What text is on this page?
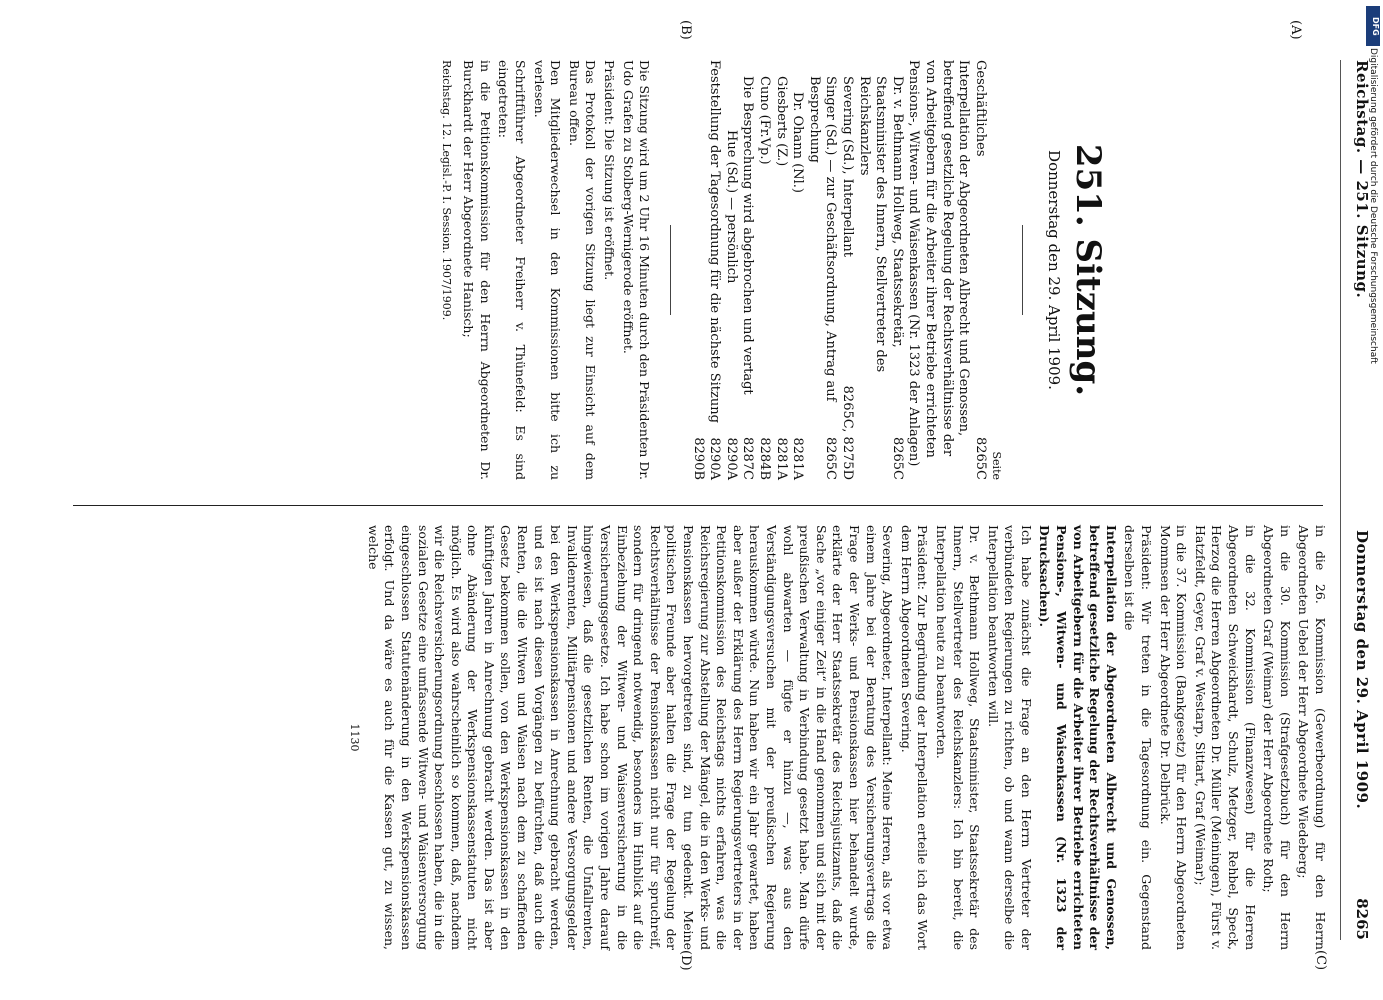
Reichstag. — 251. Sitzung.
Donnerstag den 29. April 1909.
8265
(A)
(B)
(C)
(D)
251. Sitzung.
Donnerstag den 29. April 1909.
Seite
Geschäftliches
8265C
Interpellation der Abgeordneten Albrecht und Genossen, betreffend gesetzliche Regelung der Rechtsverhältnisse der von Arbeitgebern für die Arbeiter ihrer Betriebe errichteten Pensions-, Witwen- und Waisenkassen (Nr. 1323 der Anlagen)
Dr. v. Bethmann Hollweg, Staatssekretär, Staatsminister des Innern, Stellvertreter des Reichskanzlers
8265C
Severing (Sd.), Interpellant
8265C, 8275D
Singer (Sd.) — zur Geschäftsordnung, Antrag auf Besprechung
8265C
Dr. Ohann (Nl.)
8281A
Giesberts (Z.)
8281A
Cuno (Fr.Vp.)
8284B
Die Besprechung wird abgebrochen und vertagt
8287C
Hue (Sd.) — persönlich
8290A
Feststellung der Tagesordnung für die nächste Sitzung
8290A
8290B

Die Sitzung wird um 2 Uhr 16 Minuten durch den Präsidenten Dr. Udo Grafen zu Stolberg-Wernigerode eröffnet.

Präsident: Die Sitzung ist eröffnet.

Das Protokoll der vorigen Sitzung liegt zur Einsicht auf dem Bureau offen.

Den Mitgliederwechsel in den Kommissionen bitte ich zu verlesen.

Schriftführer Abgeordneter Freiherr v. Thünefeld: Es sind eingetreten:

in die Petitionskommission für den Herrn Abgeordneten Dr. Burckhardt der Herr Abgeordnete Hanisch;

Reichstag. 12. Legisl.-P. I. Session. 1907/1909.

in die 26. Kommission (Gewerbeordnung) für den Herrn Abgeordneten Uebel der Herr Abgeordnete Wiedeberg;

in die 30. Kommission (Strafgesetzbuch) für den Herrn Abgeordneten Graf (Weimar) der Herr Abgeordnete Roth;

in die 32. Kommission (Finanzwesen) für die Herren Abgeordneten Schweickhardt, Schulz, Metzger, Rehbel, Speck, Herzog die Herren Abgeordneten Dr. Müller (Meiningen), Fürst v. Hatzfeldt, Geyer, Graf v. Westarp, Sittart, Graf (Weimar);

in die 37. Kommission (Bankgesetz) für den Herrn Abgeordneten Mommsen der Herr Abgeordnete Dr. Delbrück.

Präsident: Wir treten in die Tagesordnung ein. Gegenstand derselben ist die

Interpellation der Abgeordneten Albrecht und Genossen, betreffend gesetzliche Regelung der Rechtsverhältnisse der von Arbeitgebern für die Arbeiter ihrer Betriebe errichteten Pensions-, Witwen- und Waisenkassen (Nr. 1323 der Drucksachen).

Ich habe zunächst die Frage an den Herrn Vertreter der verbündeten Regierungen zu richten, ob und wann derselbe die Interpellation beantworten will.

Dr. v. Bethmann Hollweg, Staatsminister, Staatssekretär des Innern, Stellvertreter des Reichskanzlers: Ich bin bereit, die Interpellation heute zu beantworten.

Präsident: Zur Begründung der Interpellation erteile ich das Wort dem Herrn Abgeordneten Severing.

Severing, Abgeordneter, Interpellant: Meine Herren, als vor etwa einem Jahre bei der Beratung des Versicherungsvertrags die Frage der Werks- und Pensionskassen hier behandelt wurde, erklärte der Herr Staatssekretär des Reichsjustizamts, daß die Sache „vor einiger Zeit“ in die Hand genommen und sich mit der preußischen Verwaltung in Verbindung gesetzt habe. Man dürfe wohl abwarten — fügte er hinzu —, was aus den Verständigungsversuchen mit der preußischen Regierung herauskommen würde. Nun haben wir ein Jahr gewartet, haben aber außer der Erklärung des Herrn Regierungsvertreters in der Petitionskommission des Reichstags nichts erfahren, was die Reichsregierung zur Abstellung der Mängel, die in den Werks- und Pensionskassen hervorgetreten sind, zu tun gedenkt. Meine politischen Freunde aber halten die Frage der Regelung der Rechtsverhältnisse der Pensionskassen nicht nur für spruchreif, sondern für dringend notwendig, besonders im Hinblick auf die Einbeziehung der Witwen- und Waisenversicherung in die Versicherungsgesetze. Ich habe schon im vorigen Jahre darauf hingewiesen, daß die gesetzlichen Renten, die Unfallrenten, Invalidenrenten, Militärpensionen und andere Versorgungsgelder bei den Werkspensionskassen in Anrechnung gebracht werden, und es ist nach diesen Vorgängen zu befürchten, daß auch die Renten, die die Witwen und Waisen nach dem zu schaffenden Gesetz bekommen sollen, von den Werkspensionskassen in den künftigen Jahren in Anrechnung gebracht werden. Das ist aber ohne Abänderung der Werkspensionskassenstatuten nicht möglich. Es wird also wahrscheinlich so kommen, daß, nachdem wir die Reichsversicherungsordnung beschlossen haben, die in die sozialen Gesetze eine umfassende Witwen- und Waisenversorgung eingeschlossen Statutenänderung in den Werkspensionskassen erfolgt. Und da wäre es auch für die Kassen gut, zu wissen, welche

1130
DFG
Digitalisierung gefördert durch die Deutsche Forschungsgemeinschaft
